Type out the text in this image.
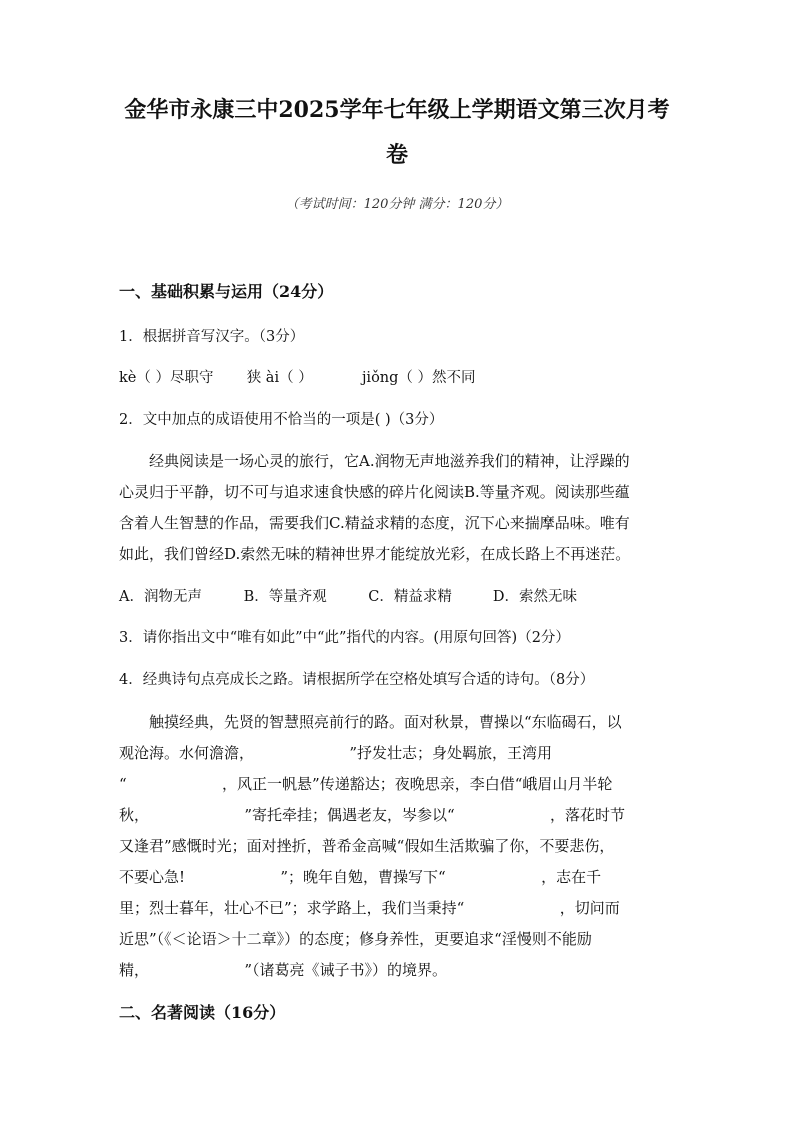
金华市永康三中2025学年七年级上学期语文第三次月考
卷
（考试时间：120分钟 满分：120分）
一、基础积累与运用（24分）
1．根据拼音写汉字。（3分）
kè（ ）尽职守 狭 ài（ ）	jiǒng（ ）然不同
2．文中加点的成语使用不恰当的一项是( )（3分）
经典阅读是一场心灵的旅行，它A.润物无声地滋养我们的精神，让浮躁的
心灵归于平静，切不可与追求速食快感的碎片化阅读B.等量齐观。阅读那些蕴
含着人生智慧的作品，需要我们C.精益求精的态度，沉下心来揣摩品味。唯有
如此，我们曾经D.索然无味的精神世界才能绽放光彩，在成长路上不再迷茫。
A．润物无声	B．等量齐观	C．精益求精	D．索然无味
3．请你指出文中“唯有如此”中“此”指代的内容。(用原句回答)（2分）
4．经典诗句点亮成长之路。请根据所学在空格处填写合适的诗句。（8分）
触摸经典，先贤的智慧照亮前行的路。面对秋景，曹操以“东临碣石，以
观沧海。水何澹澹，                    ”抒发壮志；身处羁旅，王湾用
“                    ，风正一帆悬”传递豁达；夜晚思亲，李白借“峨眉山月半轮
秋，                    ”寄托牵挂；偶遇老友，岑参以“                    ，落花时节
又逢君”感慨时光；面对挫折，普希金高喊“假如生活欺骗了你，不要悲伤，
不要心急!                    ”；晚年自勉，曹操写下“                    ，志在千
里；烈士暮年，壮心不已”；求学路上，我们当秉持“                    ，切问而
近思”（《＜论语＞十二章》）的态度；修身养性，更要追求“淫慢则不能励
精，                    ”（诸葛亮《诫子书》）的境界。
二、名著阅读（16分）
